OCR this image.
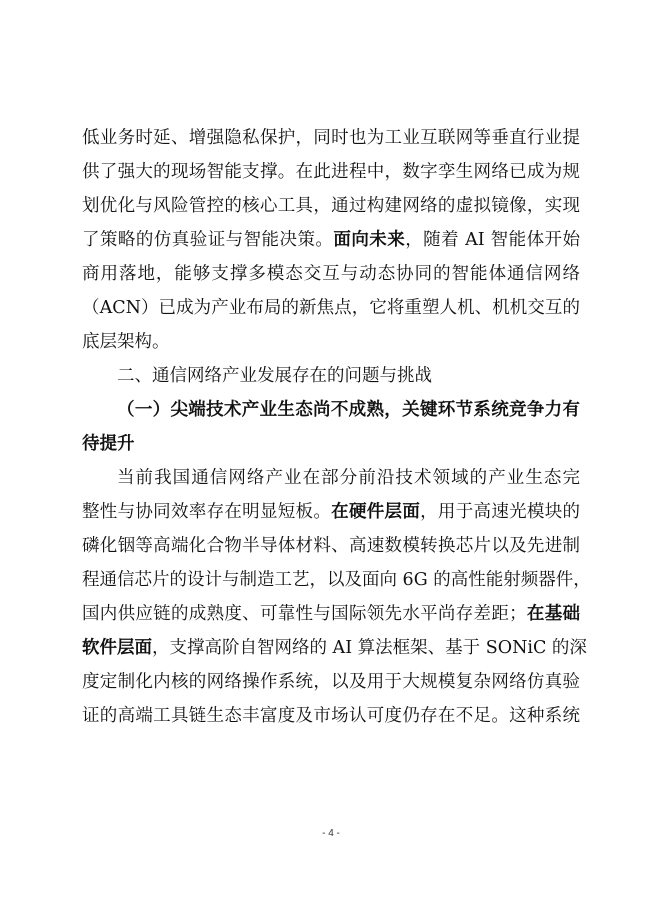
低业务时延、增强隐私保护，同时也为工业互联网等垂直行业提
供了强大的现场智能支撑。在此进程中，数字孪生网络已成为规
划优化与风险管控的核心工具，通过构建网络的虚拟镜像，实现
了策略的仿真验证与智能决策。面向未来，随着 AI 智能体开始
商用落地，能够支撑多模态交互与动态协同的智能体通信网络
（ACN）已成为产业布局的新焦点，它将重塑人机、机机交互的
底层架构。
二、通信网络产业发展存在的问题与挑战
（一）尖端技术产业生态尚不成熟，关键环节系统竞争力有
待提升
当前我国通信网络产业在部分前沿技术领域的产业生态完
整性与协同效率存在明显短板。在硬件层面，用于高速光模块的
磷化铟等高端化合物半导体材料、高速数模转换芯片以及先进制
程通信芯片的设计与制造工艺，以及面向 6G 的高性能射频器件，
国内供应链的成熟度、可靠性与国际领先水平尚存差距；在基础
软件层面，支撑高阶自智网络的 AI 算法框架、基于 SONiC 的深
度定制化内核的网络操作系统，以及用于大规模复杂网络仿真验
证的高端工具链生态丰富度及市场认可度仍存在不足。这种系统
- 4 -
